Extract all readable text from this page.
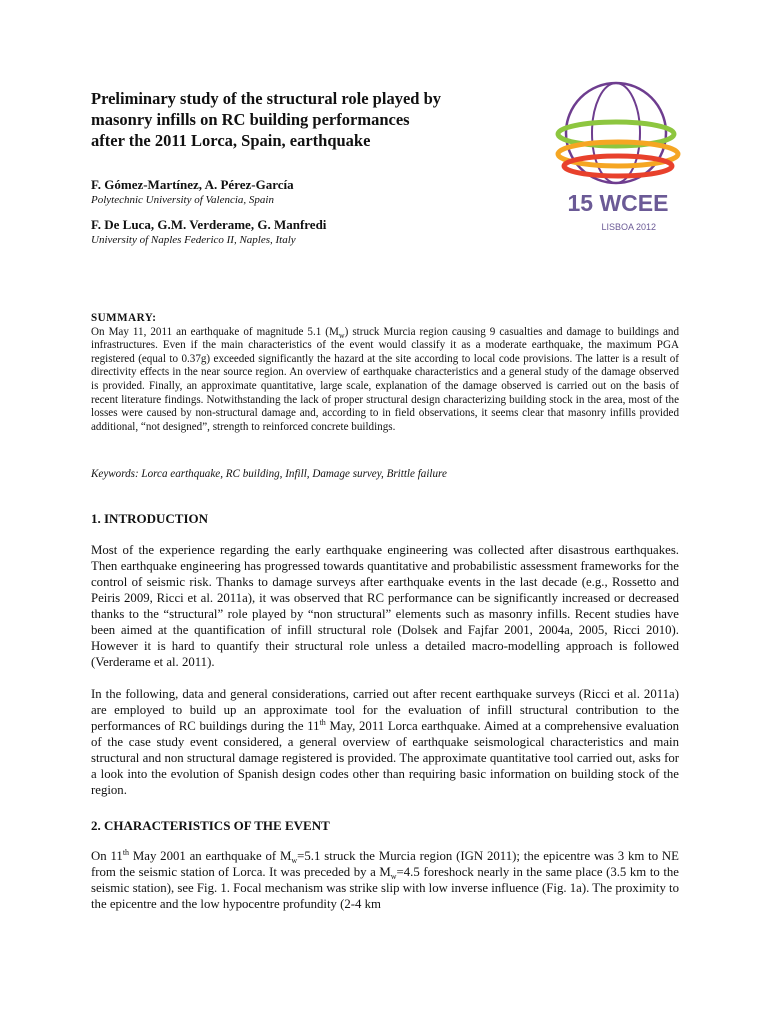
Preliminary study of the structural role played by
masonry infills on RC building performances
after the 2011 Lorca, Spain, earthquake
F. Gómez-Martínez, A. Pérez-García
Polytechnic University of Valencia, Spain
F. De Luca, G.M. Verderame, G. Manfredi
University of Naples Federico II, Naples, Italy
15 WCEE
LISBOA 2012
SUMMARY:
On May 11, 2011 an earthquake of magnitude 5.1 $(M_w)$ struck Murcia region causing 9 casualties and damage to buildings and infrastructures. Even if the main characteristics of the event would classify it as a moderate earthquake, the maximum PGA registered (equal to 0.37g) exceeded significantly the hazard at the site according to local code provisions. The latter is a result of directivity effects in the near source region. An overview of earthquake characteristics and a general study of the damage observed is provided. Finally, an approximate quantitative, large scale, explanation of the damage observed is carried out on the basis of recent literature findings. Notwithstanding the lack of proper structural design characterizing building stock in the area, most of the losses were caused by non-structural damage and, according to in field observations, it seems clear that masonry infills provided additional, “not designed”, strength to reinforced concrete buildings.
Keywords: Lorca earthquake, RC building, Infill, Damage survey, Brittle failure
1. INTRODUCTION
Most of the experience regarding the early earthquake engineering was collected after disastrous earthquakes. Then earthquake engineering has progressed towards quantitative and probabilistic assessment frameworks for the control of seismic risk. Thanks to damage surveys after earthquake events in the last decade (e.g., Rossetto and Peiris 2009, Ricci et al. 2011a), it was observed that RC performance can be significantly increased or decreased thanks to the “structural” role played by “non structural” elements such as masonry infills. Recent studies have been aimed at the quantification of infill structural role (Dolsek and Fajfar 2001, 2004a, 2005, Ricci 2010). However it is hard to quantify their structural role unless a detailed macro-modelling approach is followed (Verderame et al. 2011).
In the following, data and general considerations, carried out after recent earthquake surveys (Ricci et al. 2011a) are employed to build up an approximate tool for the evaluation of infill structural contribution to the performances of RC buildings during the 11th May, 2011 Lorca earthquake. Aimed at a comprehensive evaluation of the case study event considered, a general overview of earthquake seismological characteristics and main structural and non structural damage registered is provided. The approximate quantitative tool carried out, asks for a look into the evolution of Spanish design codes other than requiring basic information on building stock of the region.
2. CHARACTERISTICS OF THE EVENT
On 11th May 2001 an earthquake of $M_w=5.1$ struck the Murcia region (IGN 2011); the epicentre was 3 km to NE from the seismic station of Lorca. It was preceded by a $M_w=4.5$ foreshock nearly in the same place (3.5 km to the seismic station), see Fig. 1. Focal mechanism was strike slip with low inverse influence (Fig. 1a). The proximity to the epicentre and the low hypocentre profundity (2-4 km
